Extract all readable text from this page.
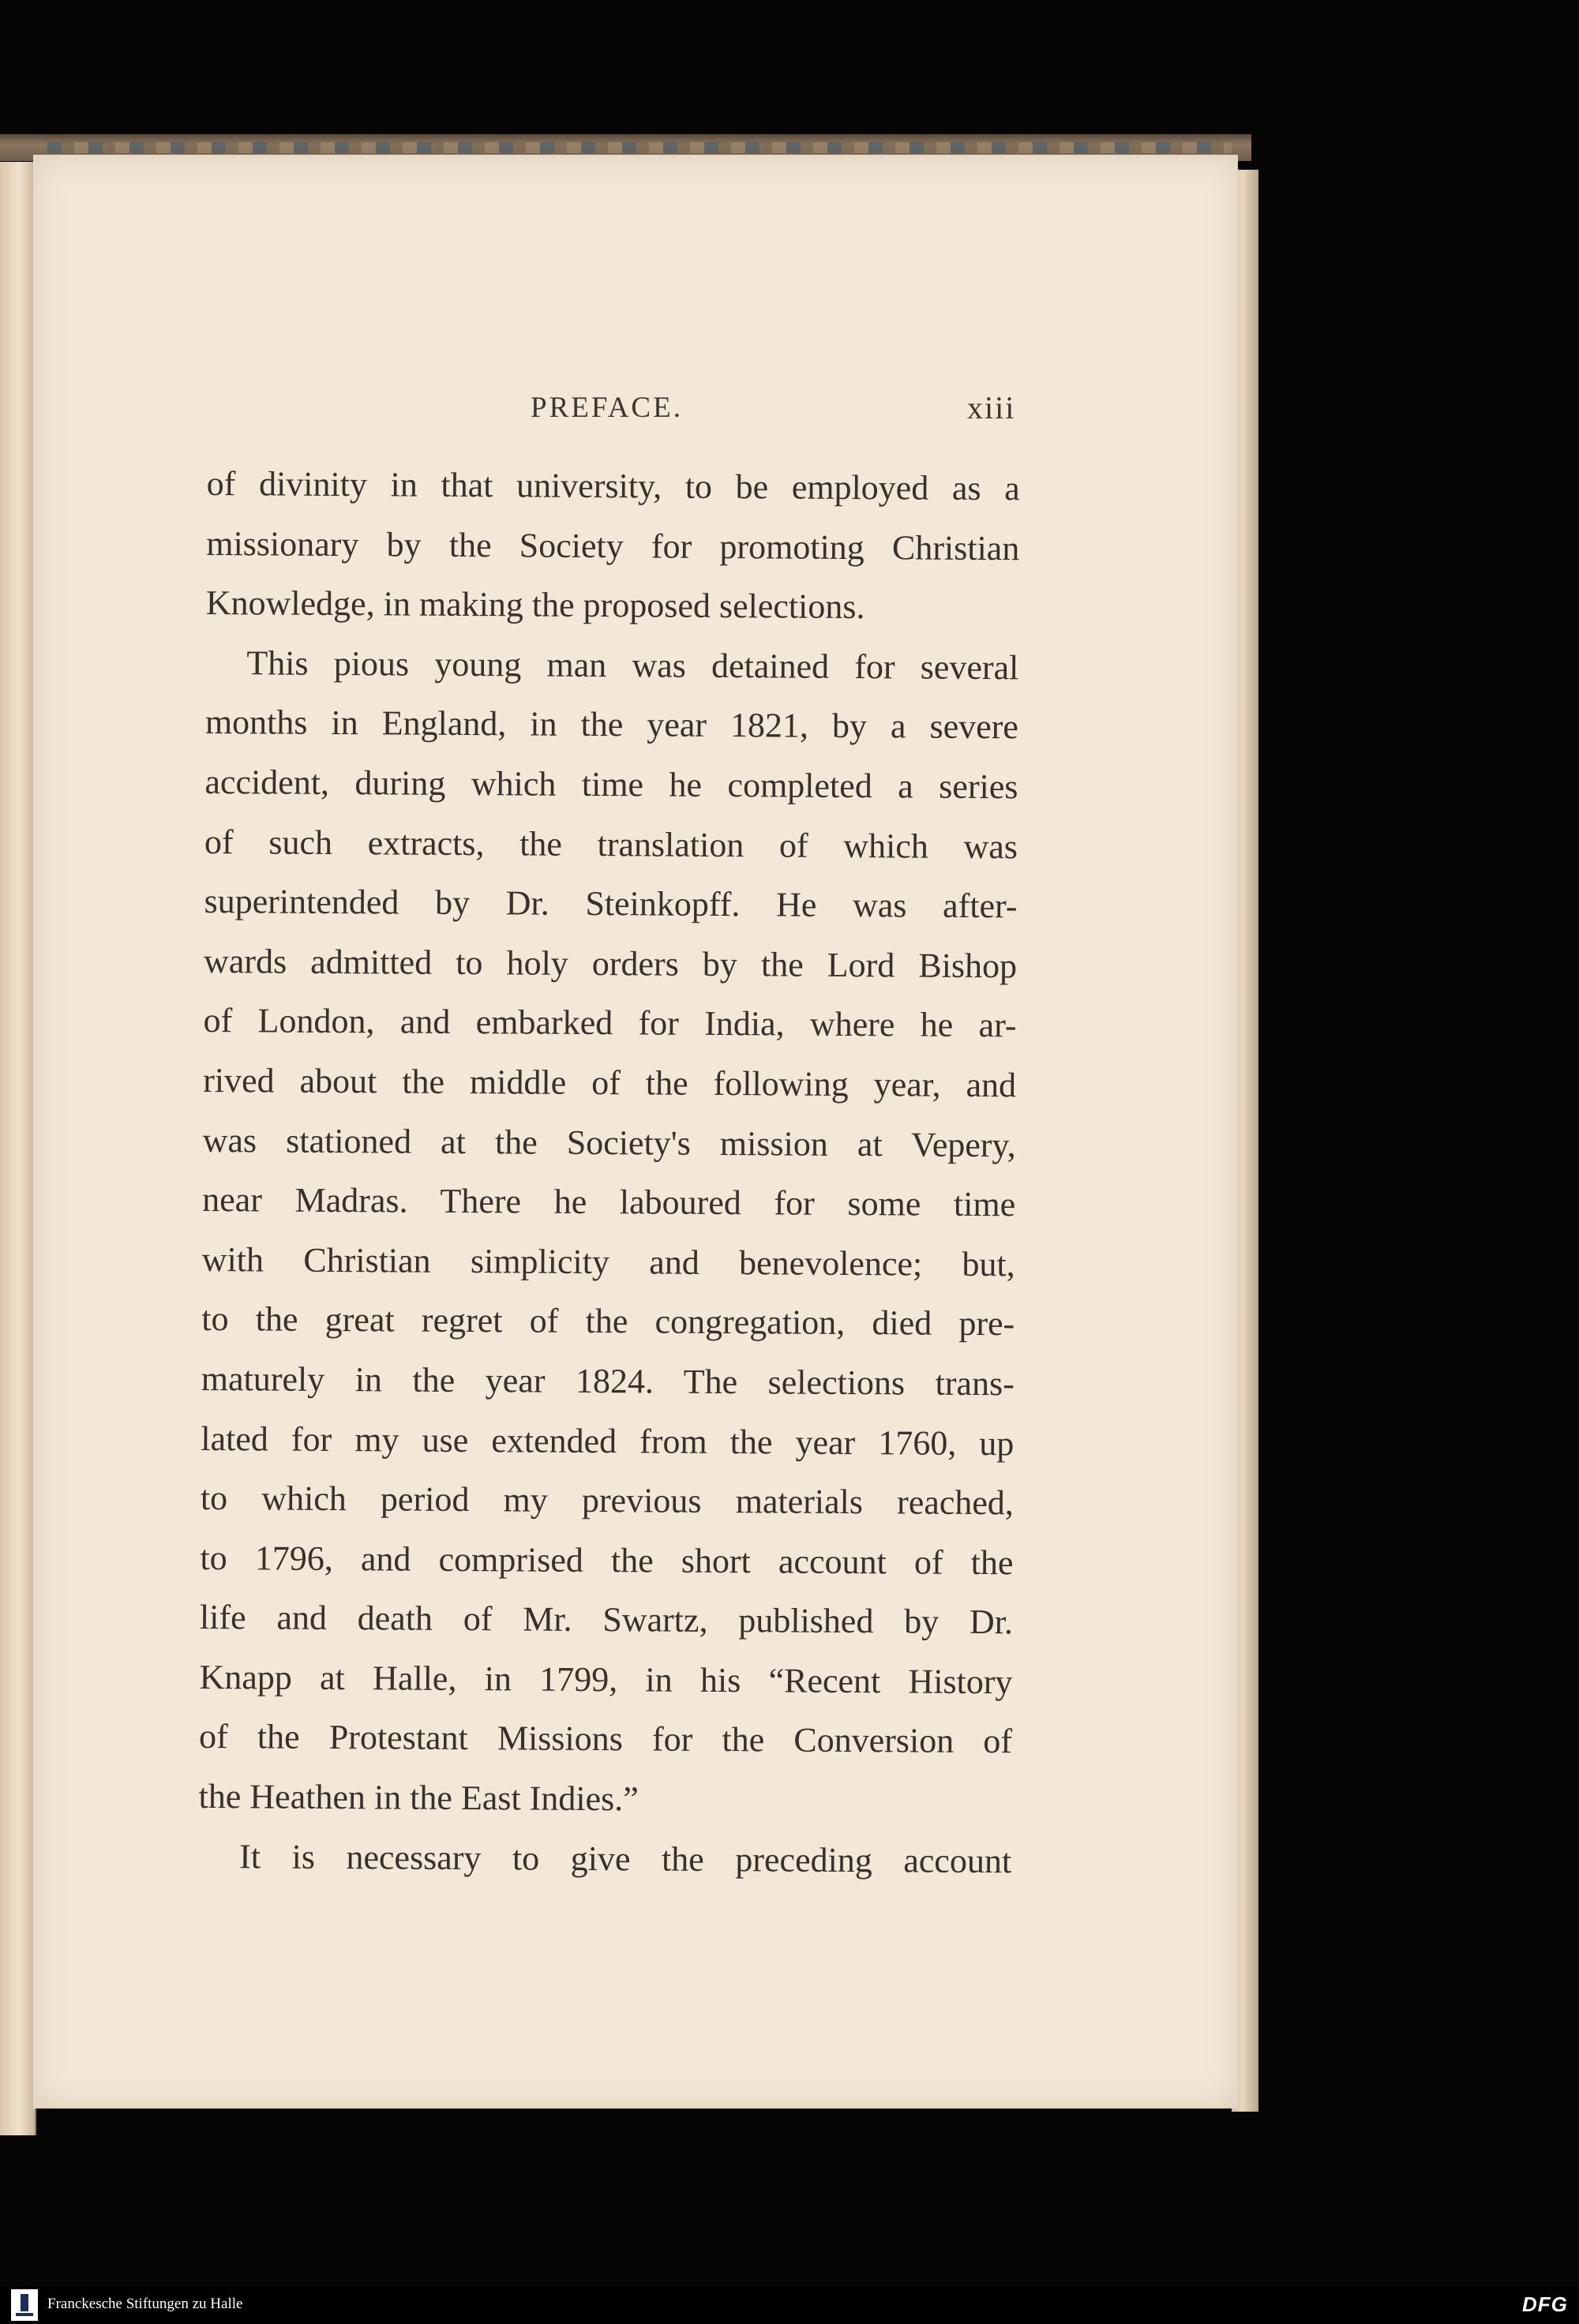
PREFACE.	xiii
of divinity in that university, to be employed as a
missionary by the Society for promoting Christian
Knowledge, in making the proposed selections.
This pious young man was detained for several
months in England, in the year 1821, by a severe
accident, during which time he completed a series
of such extracts, the translation of which was
superintended by Dr. Steinkopff. He was after-
wards admitted to holy orders by the Lord Bishop
of London, and embarked for India, where he ar-
rived about the middle of the following year, and
was stationed at the Society's mission at Vepery,
near Madras. There he laboured for some time
with Christian simplicity and benevolence; but,
to the great regret of the congregation, died pre-
maturely in the year 1824. The selections trans-
lated for my use extended from the year 1760, up
to which period my previous materials reached,
to 1796, and comprised the short account of the
life and death of Mr. Swartz, published by Dr.
Knapp at Halle, in 1799, in his “Recent History
of the Protestant Missions for the Conversion of
the Heathen in the East Indies.”
It is necessary to give the preceding account
Franckesche Stiftungen zu Halle	DFG
